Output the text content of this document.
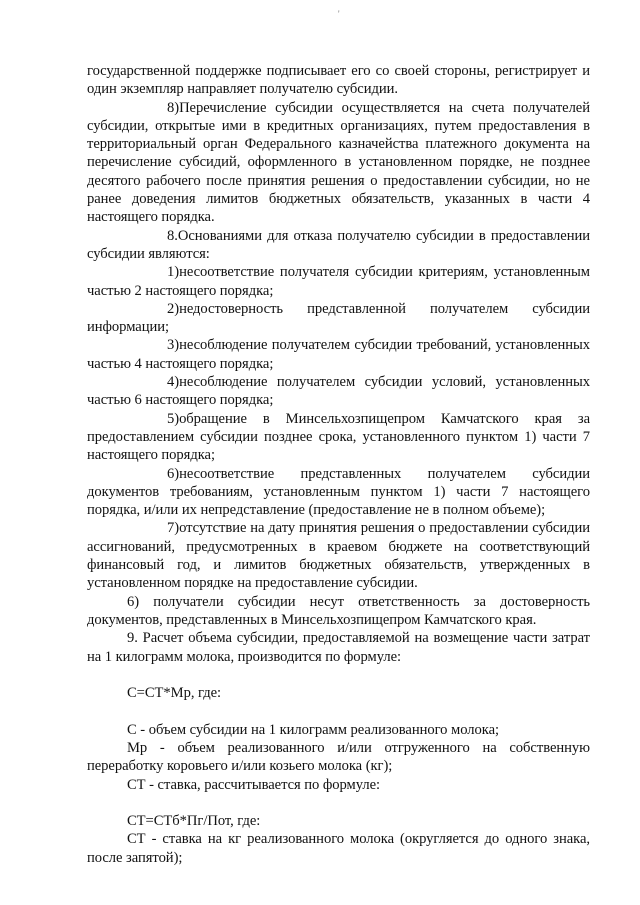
'

государственной поддержке подписывает его со своей стороны, регистрирует и один экземпляр направляет получателю субсидии.

8)Перечисление субсидии осуществляется на счета получателей субсидии, открытые ими в кредитных организациях, путем предоставления в территориальный орган Федерального казначейства платежного документа на перечисление субсидий, оформленного в установленном порядке, не позднее десятого рабочего после принятия решения о предоставлении субсидии, но не ранее доведения лимитов бюджетных обязательств, указанных в части 4 настоящего порядка.

8.Основаниями для отказа получателю субсидии в предоставлении субсидии являются:

1)несоответствие получателя субсидии критериям, установленным частью 2 настоящего порядка;

2)недостоверность представленной получателем субсидии информации;

3)несоблюдение получателем субсидии требований, установленных частью 4 настоящего порядка;

4)несоблюдение получателем субсидии условий, установленных частью 6 настоящего порядка;

5)обращение в Минсельхозпищепром Камчатского края за предоставлением субсидии позднее срока, установленного пунктом 1) части 7 настоящего порядка;

6)несоответствие представленных получателем субсидии документов требованиям, установленным пунктом 1) части 7 настоящего порядка, и/или их непредставление (предоставление не в полном объеме);

7)отсутствие на дату принятия решения о предоставлении субсидии ассигнований, предусмотренных в краевом бюджете на соответствующий финансовый год, и лимитов бюджетных обязательств, утвержденных в установленном порядке на предоставление субсидии.

6) получатели субсидии несут ответственность за достоверность документов, представленных в Минсельхозпищепром Камчатского края.

9. Расчет объема субсидии, предоставляемой на возмещение части затрат на 1 килограмм молока, производится по формуле:

С=СТ*Мр, где:

С - объем субсидии на 1 килограмм реализованного молока;

Мр - объем реализованного и/или отгруженного на собственную переработку коровьего и/или козьего молока (кг);

СТ - ставка, рассчитывается по формуле:

СТ=СТб*Пг/Пот, где:

СТ - ставка на кг реализованного молока (округляется до одного знака, после запятой);
